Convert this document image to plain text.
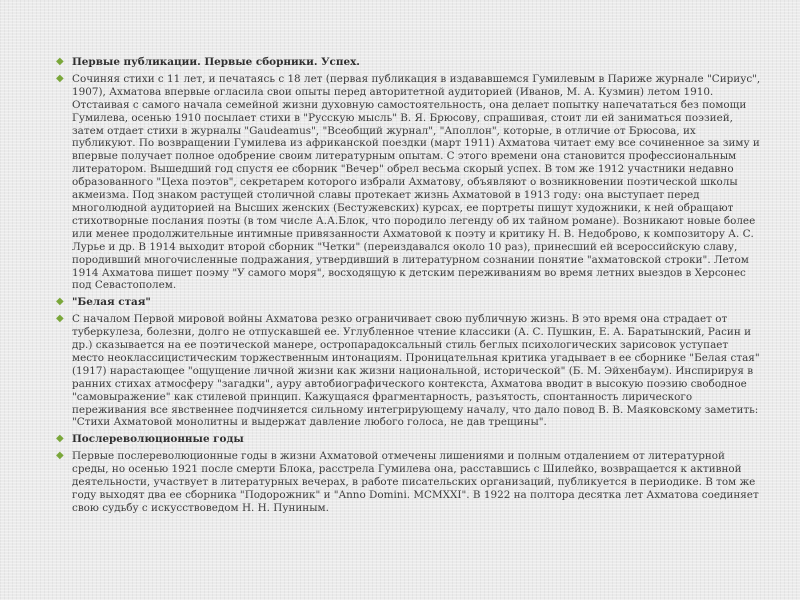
◆ Первые публикации. Первые сборники. Успех.

◆ Сочиняя стихи с 11 лет, и печатаясь с 18 лет (первая публикация в издававшемся Гумилевым в Париже журнале "Сириус", 1907), Ахматова впервые огласила свои опыты перед авторитетной аудиторией (Иванов, М. А. Кузмин) летом 1910. Отстаивая с самого начала семейной жизни духовную самостоятельность, она делает попытку напечататься без помощи Гумилева, осенью 1910 посылает стихи в "Русскую мысль" В. Я. Брюсову, спрашивая, стоит ли ей заниматься поэзией, затем отдает стихи в журналы "Gaudeamus", "Всеобщий журнал", "Аполлон", которые, в отличие от Брюсова, их публикуют. По возвращении Гумилева из африканской поездки (март 1911) Ахматова читает ему все сочиненное за зиму и впервые получает полное одобрение своим литературным опытам. С этого времени она становится профессиональным литератором. Вышедший год спустя ее сборник "Вечер" обрел весьма скорый успех. В том же 1912 участники недавно образованного "Цеха поэтов", секретарем которого избрали Ахматову, объявляют о возникновении поэтической школы акмеизма. Под знаком растущей столичной славы протекает жизнь Ахматовой в 1913 году: она выступает перед многолюдной аудиторией на Высших женских (Бестужевских) курсах, ее портреты пишут художники, к ней обращают стихотворные послания поэты (в том числе А.А.Блок, что породило легенду об их тайном романе). Возникают новые более или менее продолжительные интимные привязанности Ахматовой к поэту и критику Н. В. Недоброво, к композитору А. С. Лурье и др. В 1914 выходит второй сборник "Четки" (переиздавался около 10 раз), принесший ей всероссийскую славу, породивший многочисленные подражания, утвердивший в литературном сознании понятие "ахматовской строки". Летом 1914 Ахматова пишет поэму "У самого моря", восходящую к детским переживаниям во время летних выездов в Херсонес под Севастополем.

◆ "Белая стая"

◆ С началом Первой мировой войны Ахматова резко ограничивает свою публичную жизнь. В это время она страдает от туберкулеза, болезни, долго не отпускавшей ее. Углубленное чтение классики (А. С. Пушкин, Е. А. Баратынский, Расин и др.) сказывается на ее поэтической манере, остропарадоксальный стиль беглых психологических зарисовок уступает место неоклассицистическим торжественным интонациям. Проницательная критика угадывает в ее сборнике "Белая стая" (1917) нарастающее "ощущение личной жизни как жизни национальной, исторической" (Б. М. Эйхенбаум). Инспирируя в ранних стихах атмосферу "загадки", ауру автобиографического контекста, Ахматова вводит в высокую поэзию свободное "самовыражение" как стилевой принцип. Кажущаяся фрагментарность, разъятость, спонтанность лирического переживания все явственнее подчиняется сильному интегрирующему началу, что дало повод В. В. Маяковскому заметить: "Стихи Ахматовой монолитны и выдержат давление любого голоса, не дав трещины".

◆ Послереволюционные годы

◆ Первые послереволюционные годы в жизни Ахматовой отмечены лишениями и полным отдалением от литературной среды, но осенью 1921 после смерти Блока, расстрела Гумилева она, расставшись с Шилейко, возвращается к активной деятельности, участвует в литературных вечерах, в работе писательских организаций, публикуется в периодике. В том же году выходят два ее сборника "Подорожник" и "Anno Domini. MCMXXI". В 1922 на полтора десятка лет Ахматова соединяет свою судьбу с искусствоведом Н. Н. Пуниным.
